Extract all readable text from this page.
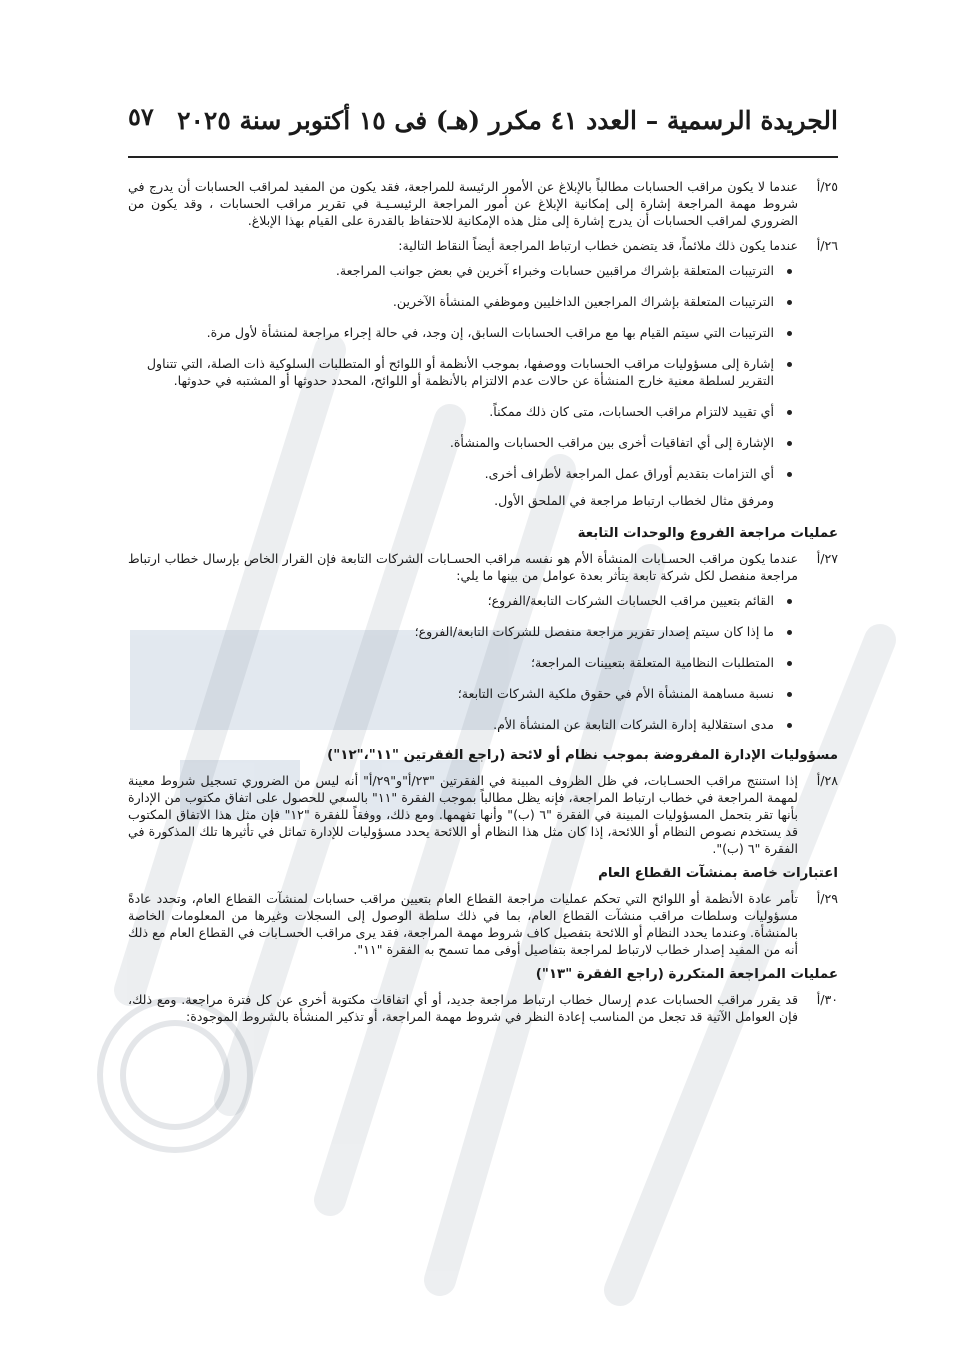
الجريدة الرسمية – العدد ٤١ مكرر (هـ) فى ١٥ أكتوبر سنة ٢٠٢٥
٥٧
٢٥/أ
عندما لا يكون مراقب الحسابات مطالباً بالإبلاغ عن الأمور الرئيسة للمراجعة، فقد يكون من المفيد لمراقب الحسابات أن يدرج في شروط مهمة المراجعة إشارة إلى إمكانية الإبلاغ عن أمور المراجعة الرئيسـيـة في تقرير مراقب الحسابات ، وقد يكون من الضروري لمراقب الحسابات أن يدرج إشارة إلى مثل هذه الإمكانية للاحتفاظ بالقدرة على القيام بهذا الإبلاغ.
٢٦/أ
عندما يكون ذلك ملائماً، قد يتضمن خطاب ارتباط المراجعة أيضاً النقاط التالية:
الترتيبات المتعلقة بإشراك مراقبين حسابات وخبراء آخرين في بعض جوانب المراجعة.
الترتيبات المتعلقة بإشراك المراجعين الداخليين وموظفي المنشأة الآخرين.
الترتيبات التي سيتم القيام بها مع مراقب الحسابات السابق، إن وجد، في حالة إجراء مراجعة لمنشأة لأول مرة.
إشارة إلى مسؤوليات مراقب الحسابات ووصفها، بموجب الأنظمة أو اللوائح أو المتطلبات السلوكية ذات الصلة، التي تتناول التقرير لسلطة معنية خارج المنشأة عن حالات عدم الالتزام بالأنظمة أو اللوائح، المحدد حدوثها أو المشتبه في حدوثها.
أي تقييد لالتزام مراقب الحسابات، متى كان ذلك ممكناً.
الإشارة إلى أي اتفاقيات أخرى بين مراقب الحسابات والمنشأة.
أي التزامات بتقديم أوراق عمل المراجعة لأطراف أخرى.
ومرفق مثال لخطاب ارتباط مراجعة في الملحق الأول.
عمليات مراجعة الفروع والوحدات التابعة
٢٧/أ
عندما يكون مراقب الحسـابات المنشأة الأم هو نفسه مراقب الحسـابات الشركات التابعة فإن القرار الخاص بإرسال خطاب ارتباط مراجعة منفصل لكل شركة تابعة يتأثر بعدة عوامل من بينها ما يلي:
القائم بتعيين مراقب الحسابات الشركات التابعة/الفروع؛
ما إذا كان سيتم إصدار تقرير مراجعة منفصل للشركات التابعة/الفروع؛
المتطلبات النظامية المتعلقة بتعيينات المراجعة؛
نسبة مساهمة المنشأة الأم في حقوق ملكية الشركات التابعة؛
مدى استقلالية إدارة الشركات التابعة عن المنشأة الأم.
مسؤوليات الإدارة المفروضة بموجب نظام أو لائحة (راجع الفقرتين "١١"،"١٢")
٢٨/أ
إذا استنتج مراقب الحسـابات، في ظل الظروف المبينة في الفقرتين "٢٣/أ"و"٢٩/أ" أنه ليس من الضروري تسجيل شروط معينة لمهمة المراجعة في خطاب ارتباط المراجعة، فإنه يظل مطالباً بموجب الفقرة "١١" بالسعي للحصول على اتفاق مكتوب من الإدارة بأنها تقر بتحمل المسؤوليات المبينة في الفقرة "٦ (ب)" وأنها تفهمها. ومع ذلك، ووفقاً للفقرة "١٢" فإن مثل هذا الاتفاق المكتوب قد يستخدم نصوص النظام أو اللائحة، إذا كان مثل هذا النظام أو اللائحة يحدد مسؤوليات للإدارة تماثل في تأثيرها تلك المذكورة في الفقرة "٦ (ب)".
اعتبارات خاصة بمنشآت القطاع العام
٢٩/أ
تأمر عادة الأنظمة أو اللوائح التي تحكم عمليات مراجعة القطاع العام بتعيين مراقب حسابات لمنشآت القطاع العام، وتحدد عادةً مسؤوليات وسلطات مراقب منشآت القطاع العام، بما في ذلك سلطة الوصول إلى السجلات وغيرها من المعلومات الخاصة بالمنشأة. وعندما يحدد النظام أو اللائحة بتفصيل كاف شروط مهمة المراجعة، فقد يرى مراقب الحسـابات في القطاع العام مع ذلك أنه من المفيد إصدار خطاب لارتباط لمراجعة بتفاصيل أوفى مما تسمح به الفقرة "١١".
عمليات المراجعة المتكررة (راجع الفقرة "١٣")
٣٠/أ
قد يقرر مراقب الحسابات عدم إرسال خطاب ارتباط مراجعة جديد، أو أي اتفاقات مكتوبة أخرى عن كل فترة مراجعة. ومع ذلك، فإن العوامل الآتية قد تجعل من المناسب إعادة النظر في شروط مهمة المراجعة، أو تذكير المنشأة بالشروط الموجودة:
